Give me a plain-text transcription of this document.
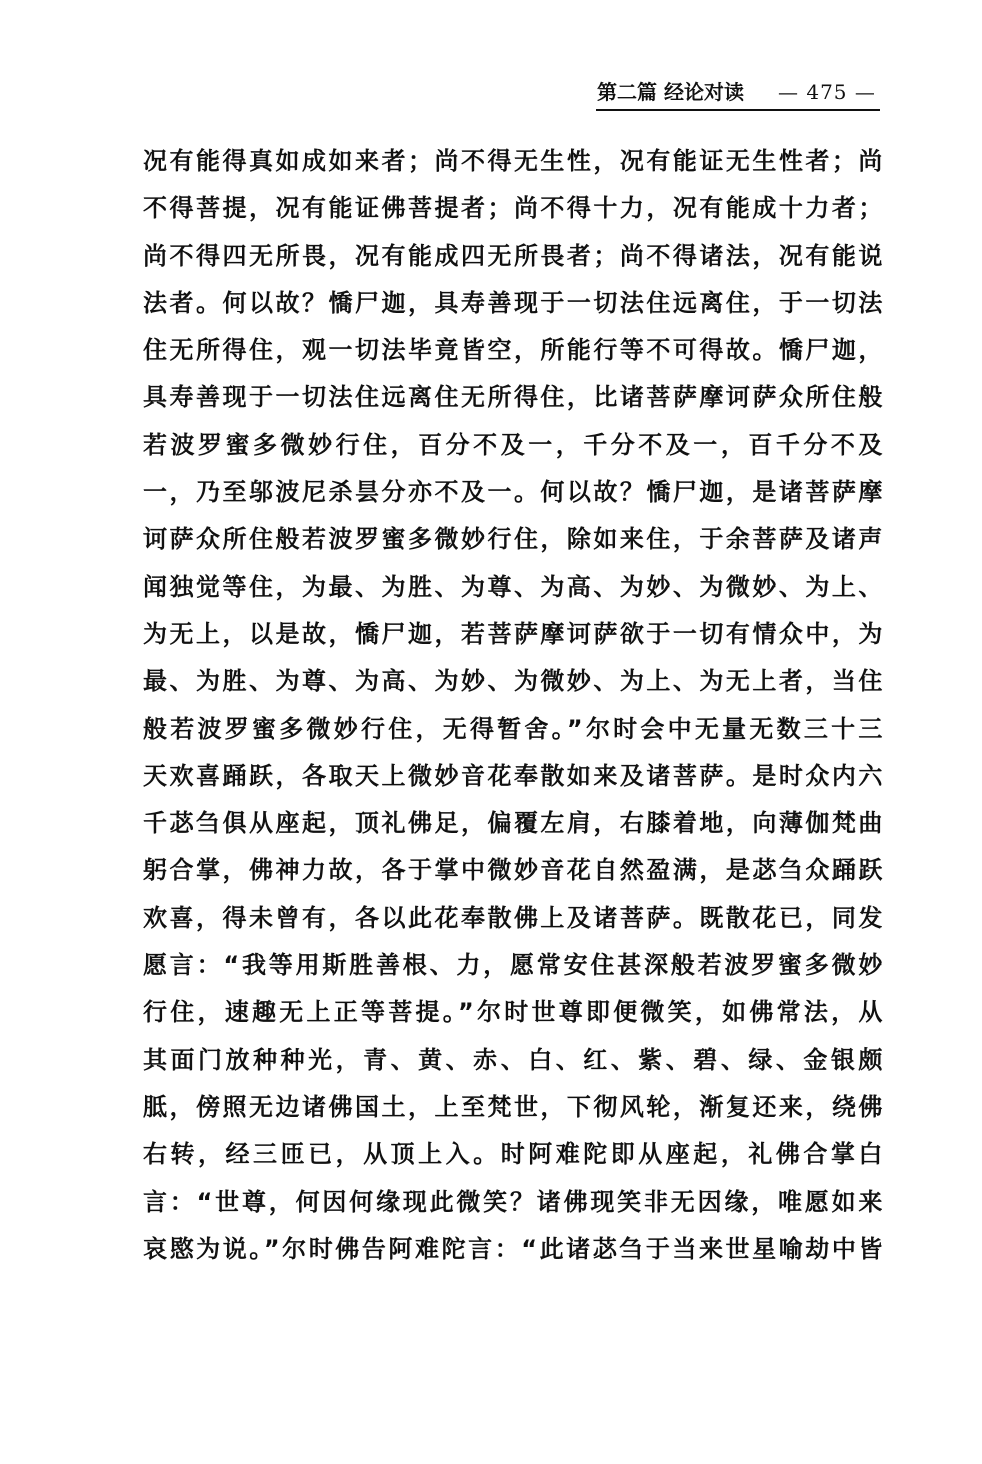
第二篇 经论对读 — 475 —
况有能得真如成如来者；尚不得无生性，况有能证无生性者；尚
不得菩提，况有能证佛菩提者；尚不得十力，况有能成十力者；
尚不得四无所畏，况有能成四无所畏者；尚不得诸法，况有能说
法者。何以故？憍尸迦，具寿善现于一切法住远离住，于一切法
住无所得住，观一切法毕竟皆空，所能行等不可得故。憍尸迦，
具寿善现于一切法住远离住无所得住，比诸菩萨摩诃萨众所住般
若波罗蜜多微妙行住，百分不及一，千分不及一，百千分不及
一，乃至邬波尼杀昙分亦不及一。何以故？憍尸迦，是诸菩萨摩
诃萨众所住般若波罗蜜多微妙行住，除如来住，于余菩萨及诸声
闻独觉等住，为最、为胜、为尊、为高、为妙、为微妙、为上、
为无上，以是故，憍尸迦，若菩萨摩诃萨欲于一切有情众中，为
最、为胜、为尊、为高、为妙、为微妙、为上、为无上者，当住
般若波罗蜜多微妙行住，无得暂舍。”尔时会中无量无数三十三
天欢喜踊跃，各取天上微妙音花奉散如来及诸菩萨。是时众内六
千苾刍俱从座起，顶礼佛足，偏覆左肩，右膝着地，向薄伽梵曲
躬合掌，佛神力故，各于掌中微妙音花自然盈满，是苾刍众踊跃
欢喜，得未曾有，各以此花奉散佛上及诸菩萨。既散花已，同发
愿言：“我等用斯胜善根、力，愿常安住甚深般若波罗蜜多微妙
行住，速趣无上正等菩提。”尔时世尊即便微笑，如佛常法，从
其面门放种种光，青、黄、赤、白、红、紫、碧、绿、金银颇
胝，傍照无边诸佛国土，上至梵世，下彻风轮，渐复还来，绕佛
右转，经三匝已，从顶上入。时阿难陀即从座起，礼佛合掌白
言：“世尊，何因何缘现此微笑？诸佛现笑非无因缘，唯愿如来
哀愍为说。”尔时佛告阿难陀言：“此诸苾刍于当来世星喻劫中皆
